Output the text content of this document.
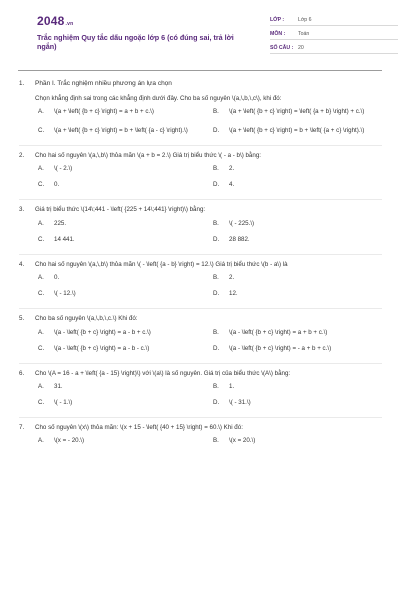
2048.vn
Trắc nghiệm Quy tắc dấu ngoặc lớp 6 (có đúng sai, trả lời ngắn)
LỚP :	Lớp 6
MÔN :	Toán
SỐ CÂU : 20
1.	Phần I. Trắc nghiệm nhiều phương án lựa chọn
Chọn khẳng định sai trong các khẳng định dưới đây. Cho ba số nguyên \(a,\,b,\,c\), khi đó:
A.	\(a + \left( {b + c} \right) = a + b + c.\)	B.	\(a + \left( {b + c} \right) = \left( {a + b} \right) + c.\)
C.	\(a + \left( {b + c} \right) = b + \left( {a - c} \right).\)	D.	\(a + \left( {b + c} \right) = b + \left( {a + c} \right).\)
2.	Cho hai số nguyên \(a,\,b\) thỏa mãn \(a + b = 2.\) Giá trị biểu thức \( - a - b\) bằng:
A.	\( - 2.\)	B.	2.
C.	0.	D.	4.
3.	Giá trị biểu thức \(14\;441 - \left( {225 + 14\;441} \right)\) bằng:
A.	225.	B.	\( - 225.\)
C.	14 441.	D.	28 882.
4.	Cho hai số nguyên \(a,\,b\) thỏa mãn \( - \left( {a - b} \right) = 12.\) Giá trị biểu thức \(b - a\) là
A.	0.	B.	2.
C.	\( - 12.\)	D.	12.
5.	Cho ba số nguyên \(a,\,b,\,c.\) Khi đó:
A.	\(a - \left( {b + c} \right) = a - b + c.\)	B.	\(a - \left( {b + c} \right) = a + b + c.\)
C.	\(a - \left( {b + c} \right) = a - b - c.\)	D.	\(a - \left( {b + c} \right) = - a + b + c.\)
6.	Cho \(A = 16 - a + \left( {a - 15} \right)\) với \(a\) là số nguyên. Giá trị của biểu thức \(A\) bằng:
A.	31.	B.	1.
C.	\( - 1.\)	D.	\( - 31.\)
7.	Cho số nguyên \(x\) thỏa mãn: \(x + 15 - \left( {40 + 15} \right) = 60.\) Khi đó:
A.	\(x = - 20.\)	B.	\(x = 20.\)
